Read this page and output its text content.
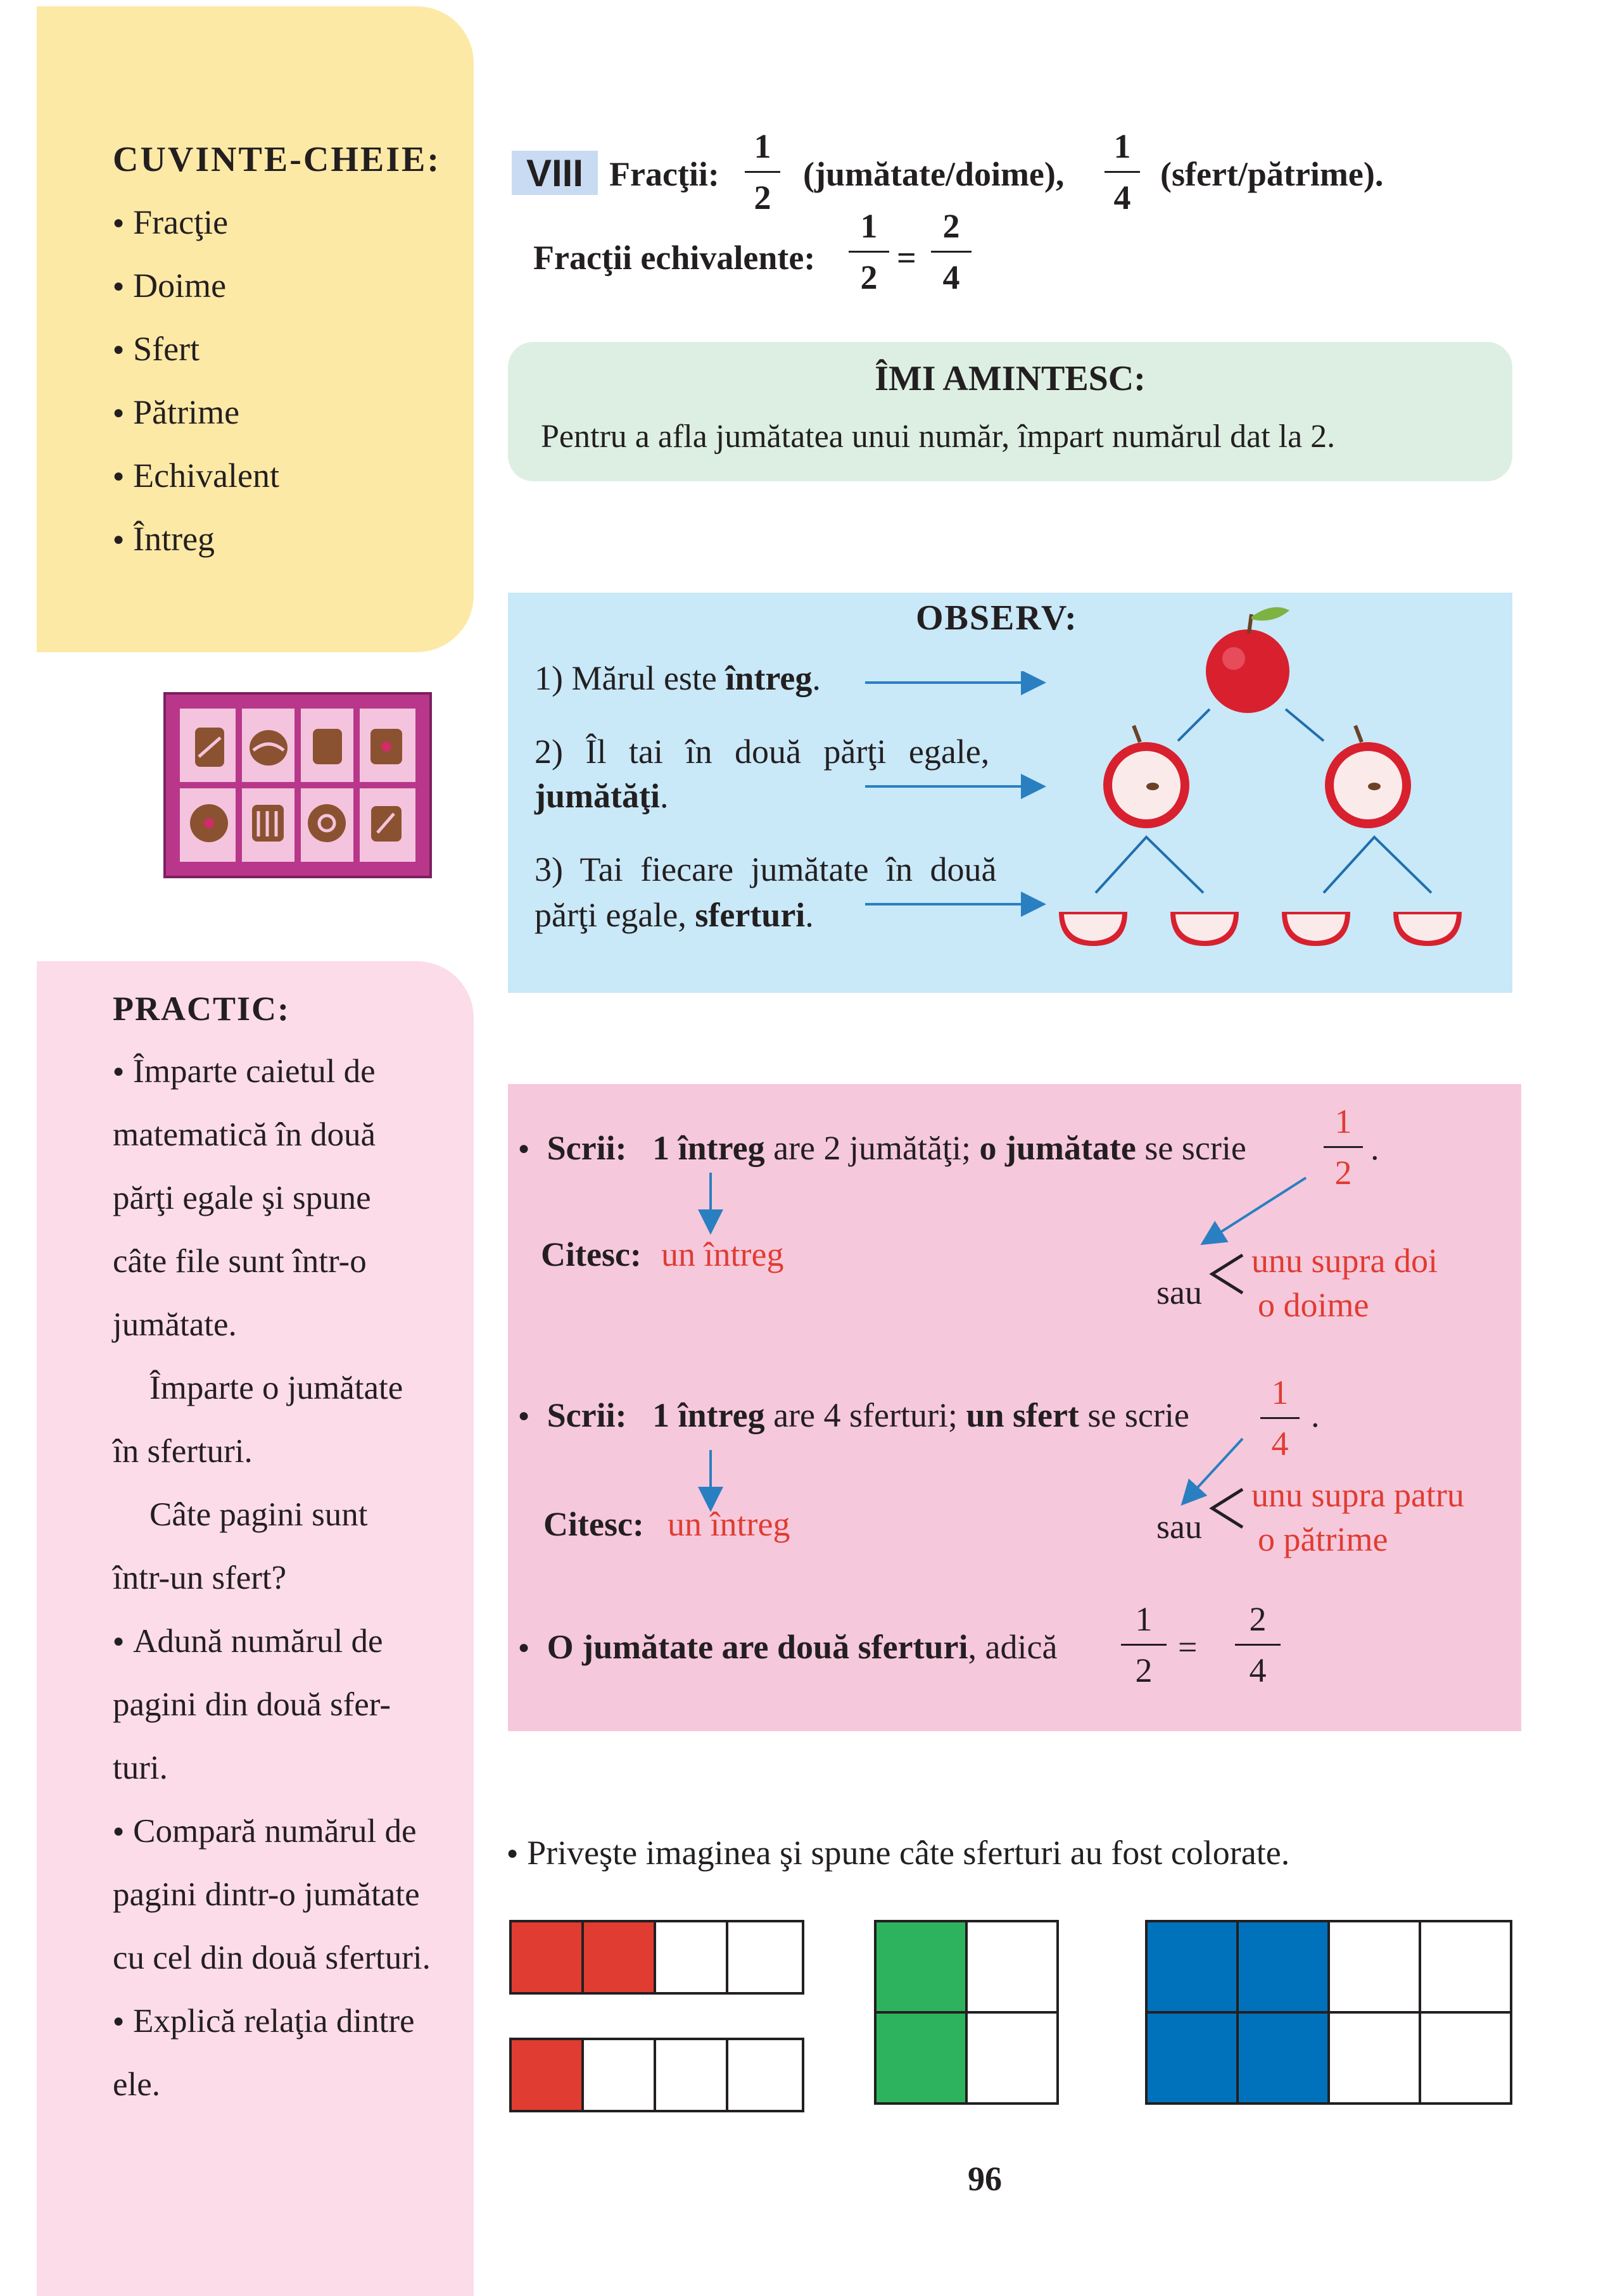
CUVINTE-CHEIE:
● Fracţie
● Doime
● Sfert
● Pătrime
● Echivalent
● Întreg
PRACTIC:
● Împarte caietul de
matematică în două
părţi egale şi spune
câte file sunt într-o
jumătate.
Împarte o jumătate
în sferturi.
Câte pagini sunt
într-un sfert?
● Adună numărul de
pagini din două sfer-
turi.
● Compară numărul de
pagini dintr-o jumătate
cu cel din două sferturi.
● Explică relaţia dintre
ele.
VIII Fracţii:
1
2
(jumătate/doime),
1
4
(sfert/pătrime).
Fracţii echivalente:
1
2
=
2
4
ÎMI AMINTESC:
Pentru a afla jumătatea unui număr, împart numărul dat la 2.
OBSERV:
1) Mărul este întreg.
2) Îl tai în două părţi egale,
jumătăţi.
3) Tai fiecare jumătate în două
părţi egale, sferturi.
● Scrii: 1 întreg are 2 jumătăţi; o jumătate se scrie
1
2
.
Citesc: un întreg
sau
unu supra doi
o doime
● Scrii: 1 întreg are 4 sferturi; un sfert se scrie
1
4
.
Citesc: un întreg	sau
unu supra patru
o pătrime
● O jumătate are două sferturi, adică
1
2
=
2
4
● Priveşte imaginea şi spune câte sferturi au fost colorate.
96
